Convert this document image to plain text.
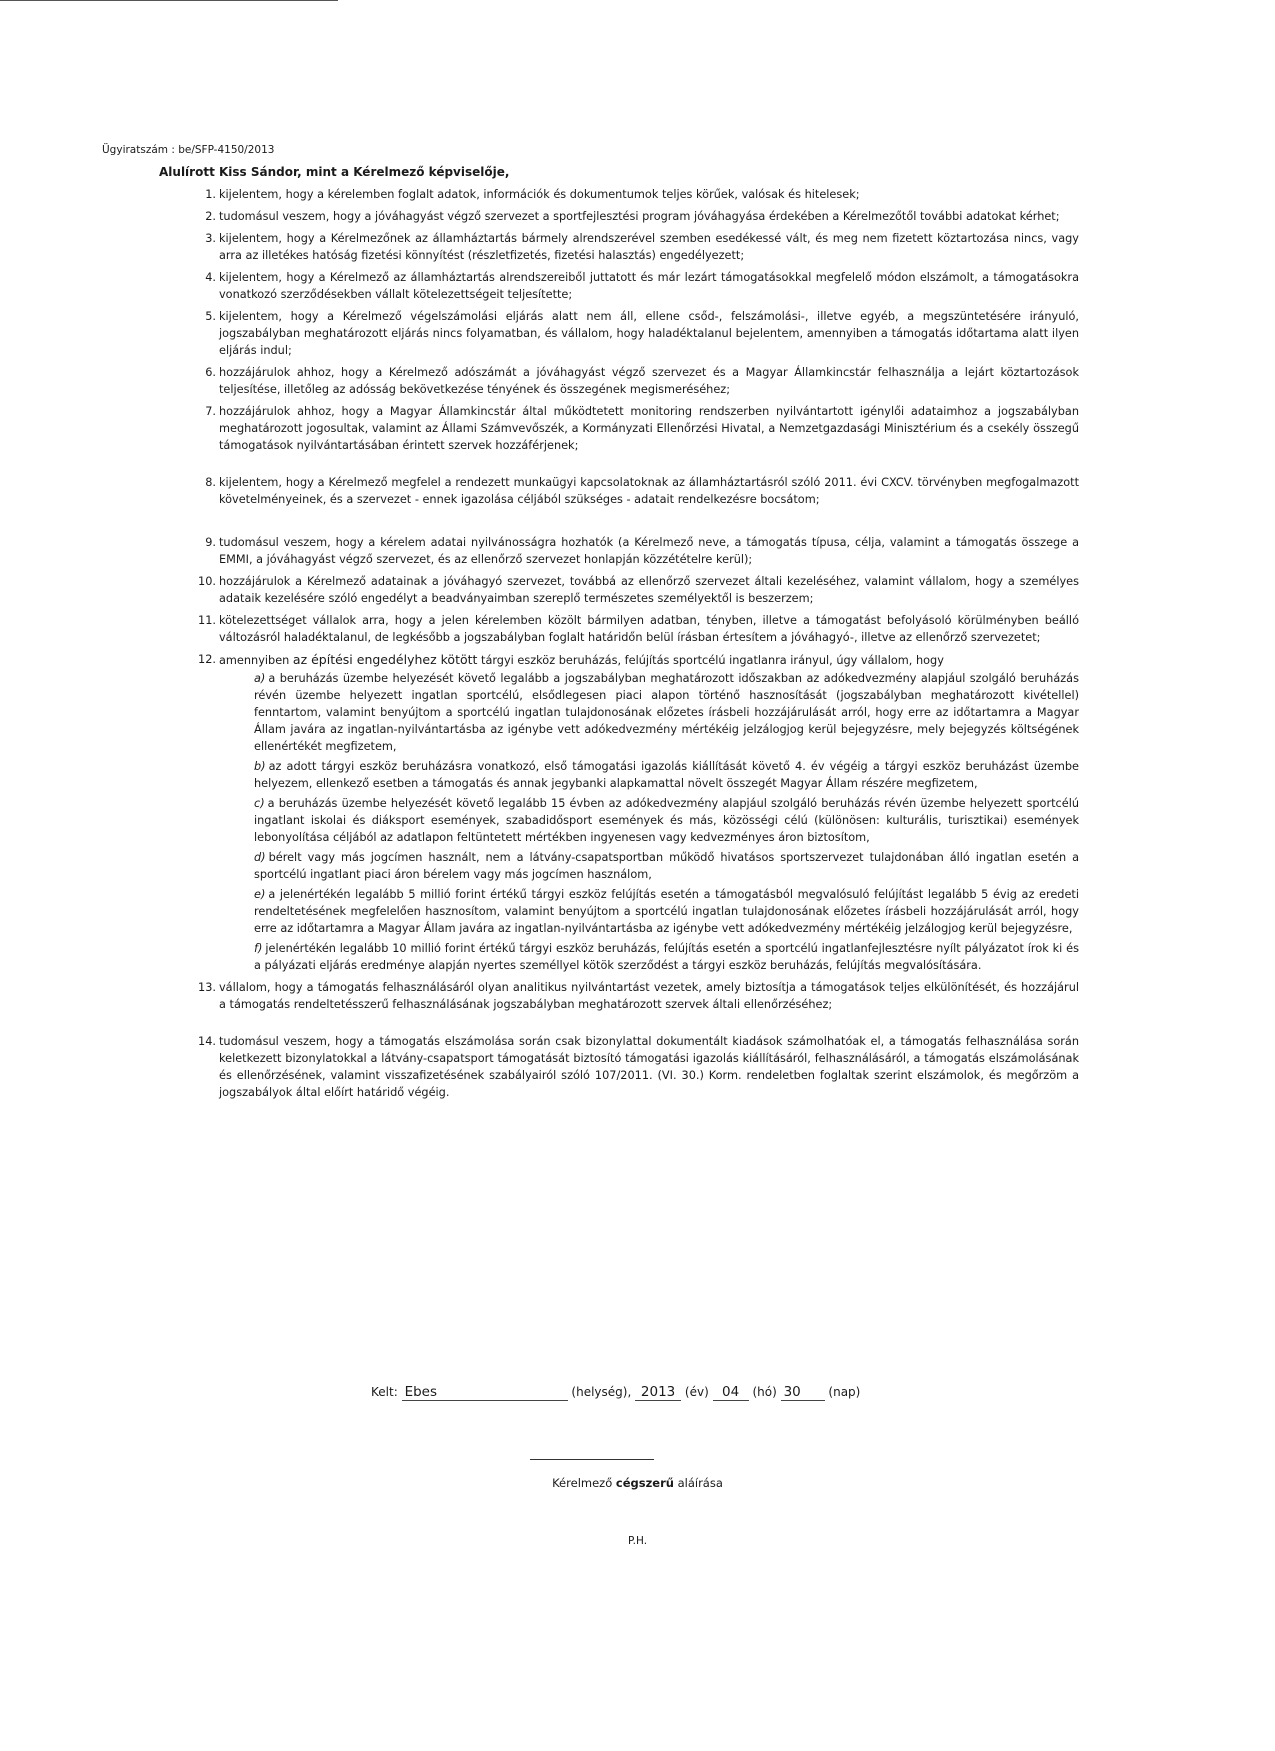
Ügyiratszám : be/SFP-4150/2013
Alulírott Kiss Sándor, mint a Kérelmező képviselője,
1. kijelentem, hogy a kérelemben foglalt adatok, információk és dokumentumok teljes körűek, valósak és hitelesek;
2. tudomásul veszem, hogy a jóváhagyást végző szervezet a sportfejlesztési program jóváhagyása érdekében a Kérelmezőtől további adatokat kérhet;
3. kijelentem, hogy a Kérelmezőnek az államháztartás bármely alrendszerével szemben esedékessé vált, és meg nem fizetett köztartozása nincs, vagy arra az illetékes hatóság fizetési könnyítést (részletfizetés, fizetési halasztás) engedélyezett;
4. kijelentem, hogy a Kérelmező az államháztartás alrendszereiből juttatott és már lezárt támogatásokkal megfelelő módon elszámolt, a támogatásokra vonatkozó szerződésekben vállalt kötelezettségeit teljesítette;
5. kijelentem, hogy a Kérelmező végelszámolási eljárás alatt nem áll, ellene csőd-, felszámolási-, illetve egyéb, a megszüntetésére irányuló, jogszabályban meghatározott eljárás nincs folyamatban, és vállalom, hogy haladéktalanul bejelentem, amennyiben a támogatás időtartama alatt ilyen eljárás indul;
6. hozzájárulok ahhoz, hogy a Kérelmező adószámát a jóváhagyást végző szervezet és a Magyar Államkincstár felhasználja a lejárt köztartozások teljesítése, illetőleg az adósság bekövetkezése tényének és összegének megismeréséhez;
7. hozzájárulok ahhoz, hogy a Magyar Államkincstár által működtetett monitoring rendszerben nyilvántartott igénylői adataimhoz a jogszabályban meghatározott jogosultak, valamint az Állami Számvevőszék, a Kormányzati Ellenőrzési Hivatal, a Nemzetgazdasági Minisztérium és a csekély összegű támogatások nyilvántartásában érintett szervek hozzáférjenek;
8. kijelentem, hogy a Kérelmező megfelel a rendezett munkaügyi kapcsolatoknak az államháztartásról szóló 2011. évi CXCV. törvényben megfogalmazott követelményeinek, és a szervezet - ennek igazolása céljából szükséges - adatait rendelkezésre bocsátom;
9. tudomásul veszem, hogy a kérelem adatai nyilvánosságra hozhatók (a Kérelmező neve, a támogatás típusa, célja, valamint a támogatás összege a EMMI, a jóváhagyást végző szervezet, és az ellenőrző szervezet honlapján közzétételre kerül);
10. hozzájárulok a Kérelmező adatainak a jóváhagyó szervezet, továbbá az ellenőrző szervezet általi kezeléséhez, valamint vállalom, hogy a személyes adataik kezelésére szóló engedélyt a beadványaimban szereplő természetes személyektől is beszerzem;
11. kötelezettséget vállalok arra, hogy a jelen kérelemben közölt bármilyen adatban, tényben, illetve a támogatást befolyásoló körülményben beálló változásról haladéktalanul, de legkésőbb a jogszabályban foglalt határidőn belül írásban értesítem a jóváhagyó-, illetve az ellenőrző szervezetet;
12. amennyiben az építési engedélyhez kötött tárgyi eszköz beruházás, felújítás sportcélú ingatlanra irányul, úgy vállalom, hogy
a) a beruházás üzembe helyezését követő legalább a jogszabályban meghatározott időszakban az adókedvezmény alapjául szolgáló beruházás révén üzembe helyezett ingatlan sportcélú, elsődlegesen piaci alapon történő hasznosítását (jogszabályban meghatározott kivétellel) fenntartom, valamint benyújtom a sportcélú ingatlan tulajdonosának előzetes írásbeli hozzájárulását arról, hogy erre az időtartamra a Magyar Állam javára az ingatlan-nyilvántartásba az igénybe vett adókedvezmény mértékéig jelzálogjog kerül bejegyzésre, mely bejegyzés költségének ellenértékét megfizetem,
b) az adott tárgyi eszköz beruházásra vonatkozó, első támogatási igazolás kiállítását követő 4. év végéig a tárgyi eszköz beruházást üzembe helyezem, ellenkező esetben a támogatás és annak jegybanki alapkamattal növelt összegét Magyar Állam részére megfizetem,
c) a beruházás üzembe helyezését követő legalább 15 évben az adókedvezmény alapjául szolgáló beruházás révén üzembe helyezett sportcélú ingatlant iskolai és diáksport események, szabadidősport események és más, közösségi célú (különösen: kulturális, turisztikai) események lebonyolítása céljából az adatlapon feltüntetett mértékben ingyenesen vagy kedvezményes áron biztosítom,
d) bérelt vagy más jogcímen használt, nem a látvány-csapatsportban működő hivatásos sportszervezet tulajdonában álló ingatlan esetén a sportcélú ingatlant piaci áron bérelem vagy más jogcímen használom,
e) a jelenértékén legalább 5 millió forint értékű tárgyi eszköz felújítás esetén a támogatásból megvalósuló felújítást legalább 5 évig az eredeti rendeltetésének megfelelően hasznosítom, valamint benyújtom a sportcélú ingatlan tulajdonosának előzetes írásbeli hozzájárulását arról, hogy erre az időtartamra a Magyar Állam javára az ingatlan-nyilvántartásba az igénybe vett adókedvezmény mértékéig jelzálogjog kerül bejegyzésre,
f) jelenértékén legalább 10 millió forint értékű tárgyi eszköz beruházás, felújítás esetén a sportcélú ingatlanfejlesztésre nyílt pályázatot írok ki és a pályázati eljárás eredménye alapján nyertes személlyel kötök szerződést a tárgyi eszköz beruházás, felújítás megvalósítására.
13. vállalom, hogy a támogatás felhasználásáról olyan analitikus nyilvántartást vezetek, amely biztosítja a támogatások teljes elkülönítését, és hozzájárul a támogatás rendeltetésszerű felhasználásának jogszabályban meghatározott szervek általi ellenőrzéséhez;
14. tudomásul veszem, hogy a támogatás elszámolása során csak bizonylattal dokumentált kiadások számolhatóak el, a támogatás felhasználása során keletkezett bizonylatokkal a látvány-csapatsport támogatását biztosító támogatási igazolás kiállításáról, felhasználásáról, a támogatás elszámolásának és ellenőrzésének, valamint visszafizetésének szabályairól szóló 107/2011. (VI. 30.) Korm. rendeletben foglaltak szerint elszámolok, és megőrzöm a jogszabályok által előírt határidő végéig.
Kelt: Ebes	(helység), 2013 (év) 04 (hó) 30 (nap)
Kérelmező cégszerű aláírása
P.H.
